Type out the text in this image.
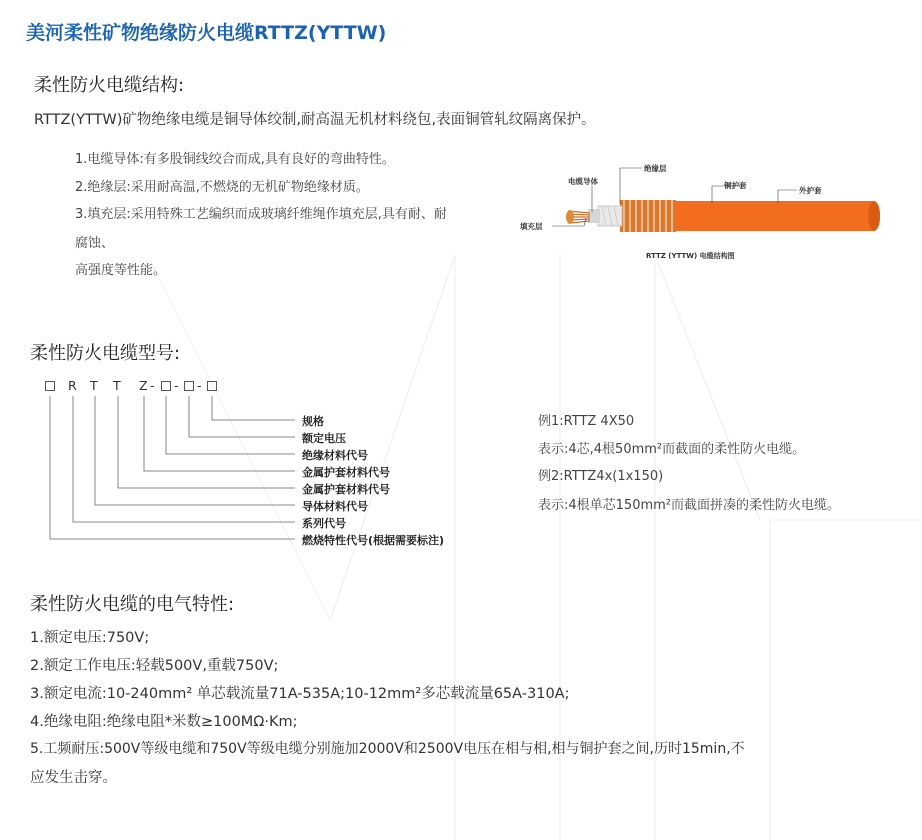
美河柔性矿物绝缘防火电缆RTTZ(YTTW)
柔性防火电缆结构:
RTTZ(YTTW)矿物绝缘电缆是铜导体绞制,耐高温无机材料绕包,表面铜管轧纹隔离保护。
1.电缆导体:有多股铜线绞合而成,具有良好的弯曲特性。
2.绝缘层:采用耐高温,不燃烧的无机矿物绝缘材质。
3.填充层:采用特殊工艺编织而成玻璃纤维绳作填充层,具有耐、耐
腐蚀、
高强度等性能。
电缆导体
绝缘层
铜护套
外护套
填充层
RTTZ (YTTW) 电缆结构图
柔性防火电缆型号:
R T T Z - - -
规格
额定电压
绝缘材料代号
金属护套材料代号
金属护套材料代号
导体材料代号
系列代号
燃烧特性代号(根据需要标注)
例1:RTTZ 4X50
表示:4芯,4根50mm²而截面的柔性防火电缆。
例2:RTTZ4x(1x150)
表示:4根单芯150mm²而截面拼凑的柔性防火电缆。
柔性防火电缆的电气特性:
1.额定电压:750V;
2.额定工作电压:轻载500V,重载750V;
3.额定电流:10-240mm² 单芯载流量71A-535A;10-12mm²多芯载流量65A-310A;
4.绝缘电阻:绝缘电阻*米数≥100MΩ·Km;
5.工频耐压:500V等级电缆和750V等级电缆分别施加2000V和2500V电压在相与相,相与铜护套之间,历时15min,不
应发生击穿。
